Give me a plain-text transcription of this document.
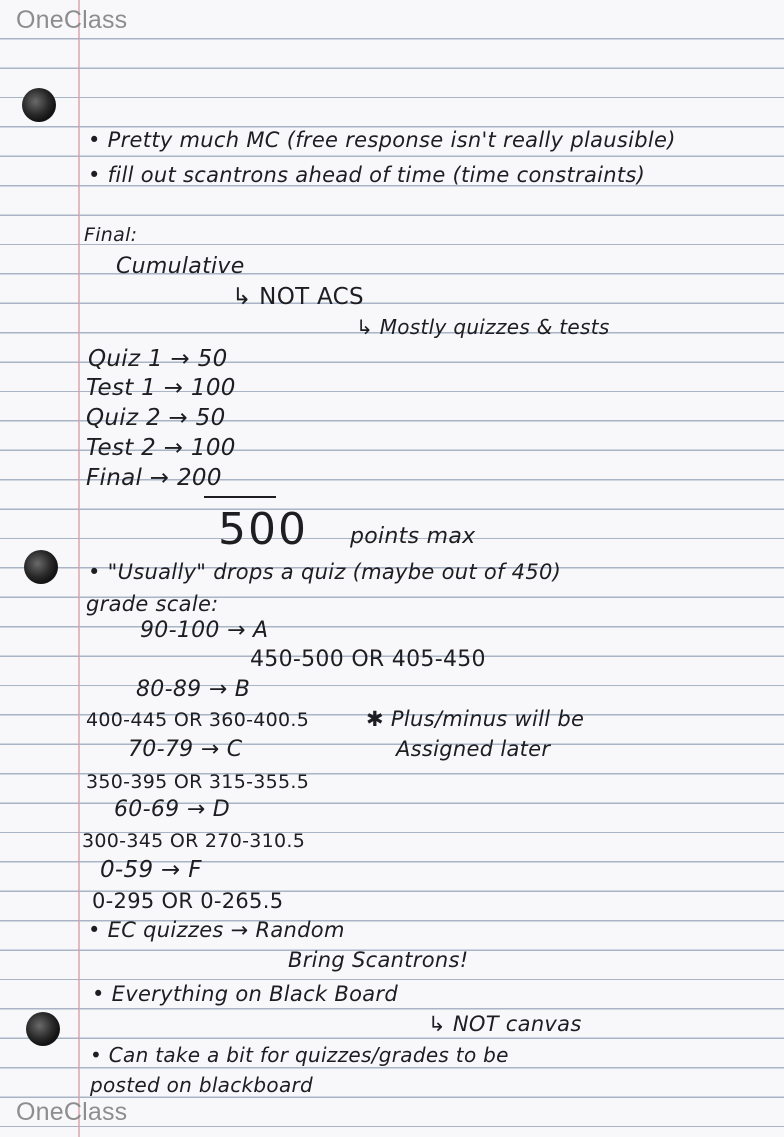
OneClass
OneClass
• Pretty much MC (free response isn't really plausible)
• fill out scantrons ahead of time (time constraints)
Final:
Cumulative
↳ NOT ACS
↳ Mostly quizzes & tests
Quiz 1 → 50
Test 1 → 100
Quiz 2 → 50
Test 2 → 100
Final → 200
500 points max
• "Usually" drops a quiz (maybe out of 450)
grade scale:
90-100 → A
450-500 OR 405-450
80-89 → B
400-445 OR 360-400.5	✱ Plus/minus will be
70-79 → C	Assigned later
350-395 OR 315-355.5
60-69 → D
300-345 OR 270-310.5
0-59 → F
0-295 OR 0-265.5
• EC quizzes → Random
Bring Scantrons!
• Everything on Black Board
↳ NOT canvas
• Can take a bit for quizzes/grades to be
posted on blackboard
